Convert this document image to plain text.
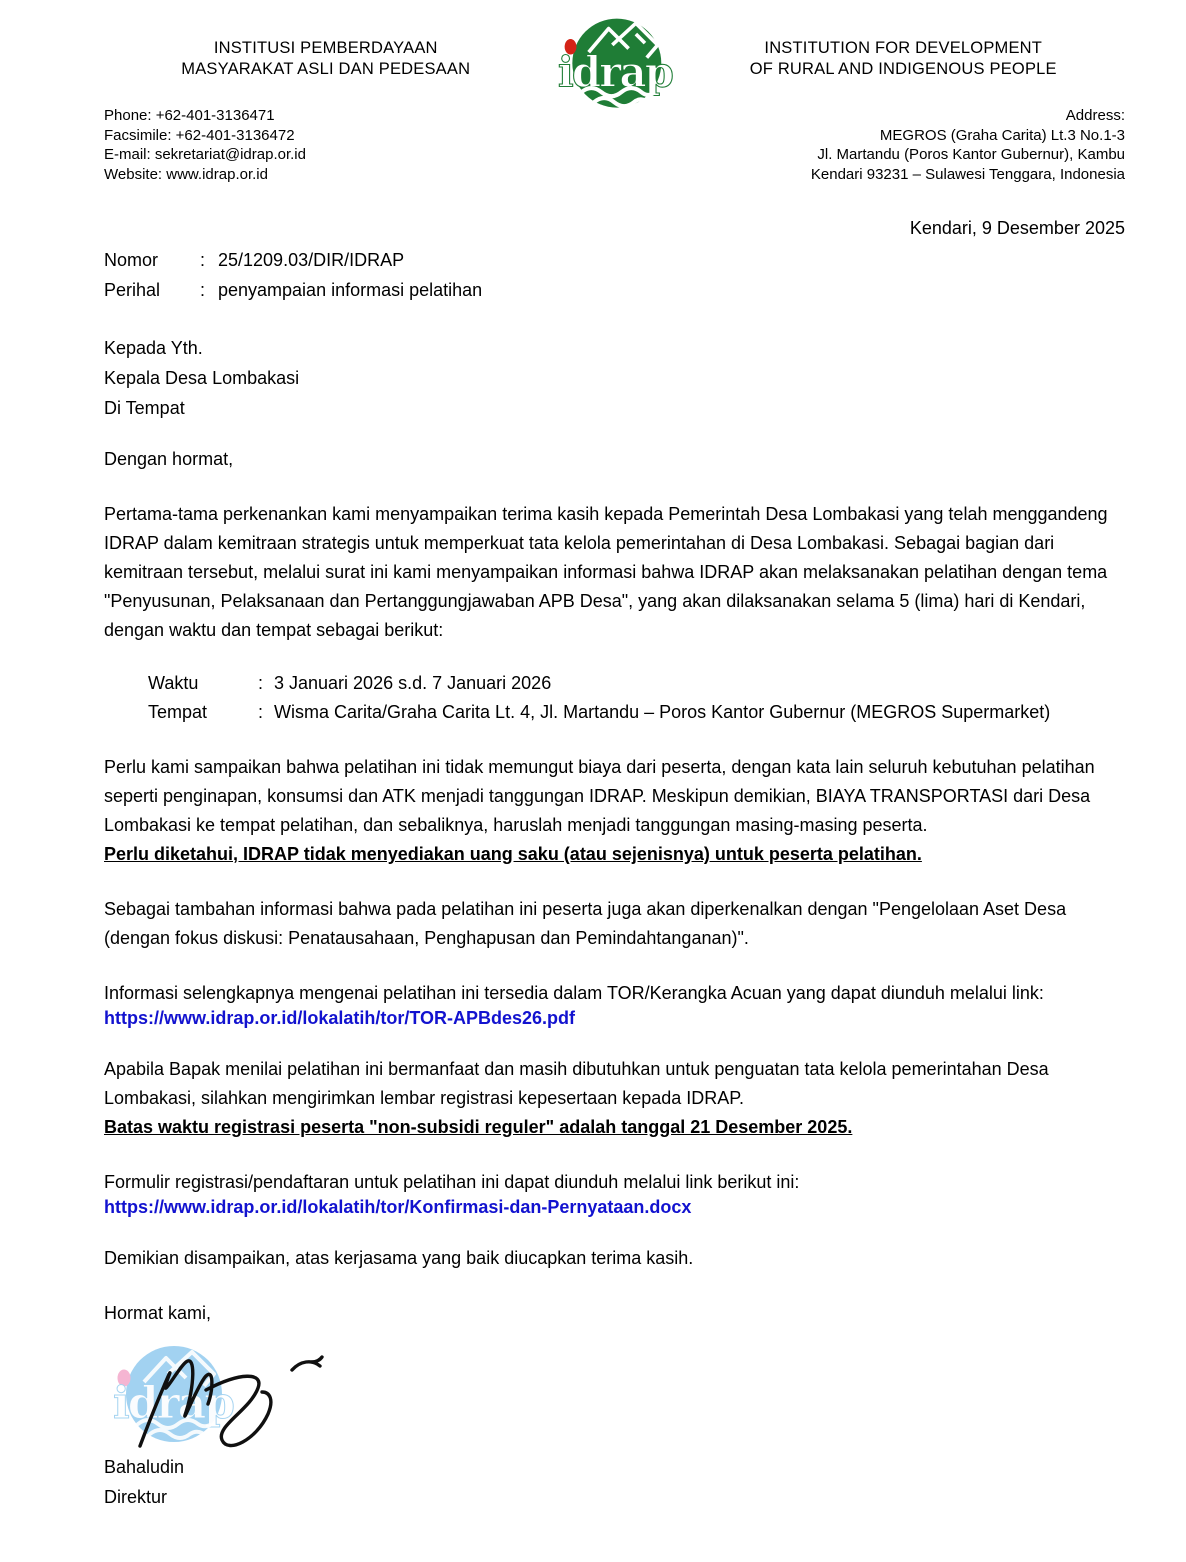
INSTITUSI PEMBERDAYAAN
MASYARAKAT ASLI DAN PEDESAAN	idrap	INSTITUTION FOR DEVELOPMENT
OF RURAL AND INDIGENOUS PEOPLE
Phone: +62-401-3136471
Facsimile: +62-401-3136472
E-mail: sekretariat@idrap.or.id
Website: www.idrap.or.id
Address:
MEGROS (Graha Carita) Lt.3 No.1-3
Jl. Martandu (Poros Kantor Gubernur), Kambu
Kendari 93231 – Sulawesi Tenggara, Indonesia
Kendari, 9 Desember 2025
Nomor	: 25/1209.03/DIR/IDRAP
Perihal	: penyampaian informasi pelatihan
Kepada Yth.
Kepala Desa Lombakasi
Di Tempat

Dengan hormat,

Pertama-tama perkenankan kami menyampaikan terima kasih kepada Pemerintah Desa Lombakasi yang telah menggandeng IDRAP dalam kemitraan strategis untuk memperkuat tata kelola pemerintahan di Desa Lombakasi. Sebagai bagian dari kemitraan tersebut, melalui surat ini kami menyampaikan informasi bahwa IDRAP akan melaksanakan pelatihan dengan tema "Penyusunan, Pelaksanaan dan Pertanggungjawaban APB Desa", yang akan dilaksanakan selama 5 (lima) hari di Kendari, dengan waktu dan tempat sebagai berikut:

Waktu	: 3 Januari 2026 s.d. 7 Januari 2026
Tempat	: Wisma Carita/Graha Carita Lt. 4, Jl. Martandu – Poros Kantor Gubernur (MEGROS Supermarket)

Perlu kami sampaikan bahwa pelatihan ini tidak memungut biaya dari peserta, dengan kata lain seluruh kebutuhan pelatihan seperti penginapan, konsumsi dan ATK menjadi tanggungan IDRAP. Meskipun demikian, BIAYA TRANSPORTASI dari Desa Lombakasi ke tempat pelatihan, dan sebaliknya, haruslah menjadi tanggungan masing-masing peserta.

Perlu diketahui, IDRAP tidak menyediakan uang saku (atau sejenisnya) untuk peserta pelatihan.

Sebagai tambahan informasi bahwa pada pelatihan ini peserta juga akan diperkenalkan dengan "Pengelolaan Aset Desa (dengan fokus diskusi: Penatausahaan, Penghapusan dan Pemindahtanganan)".

Informasi selengkapnya mengenai pelatihan ini tersedia dalam TOR/Kerangka Acuan yang dapat diunduh melalui link:

https://www.idrap.or.id/lokalatih/tor/TOR-APBdes26.pdf

Apabila Bapak menilai pelatihan ini bermanfaat dan masih dibutuhkan untuk penguatan tata kelola pemerintahan Desa Lombakasi, silahkan mengirimkan lembar registrasi kepesertaan kepada IDRAP.

Batas waktu registrasi peserta "non-subsidi reguler" adalah tanggal 21 Desember 2025.

Formulir registrasi/pendaftaran untuk pelatihan ini dapat diunduh melalui link berikut ini:

https://www.idrap.or.id/lokalatih/tor/Konfirmasi-dan-Pernyataan.docx

Demikian disampaikan, atas kerjasama yang baik diucapkan terima kasih.

Hormat kami,

idrap
Bahaludin
Direktur
